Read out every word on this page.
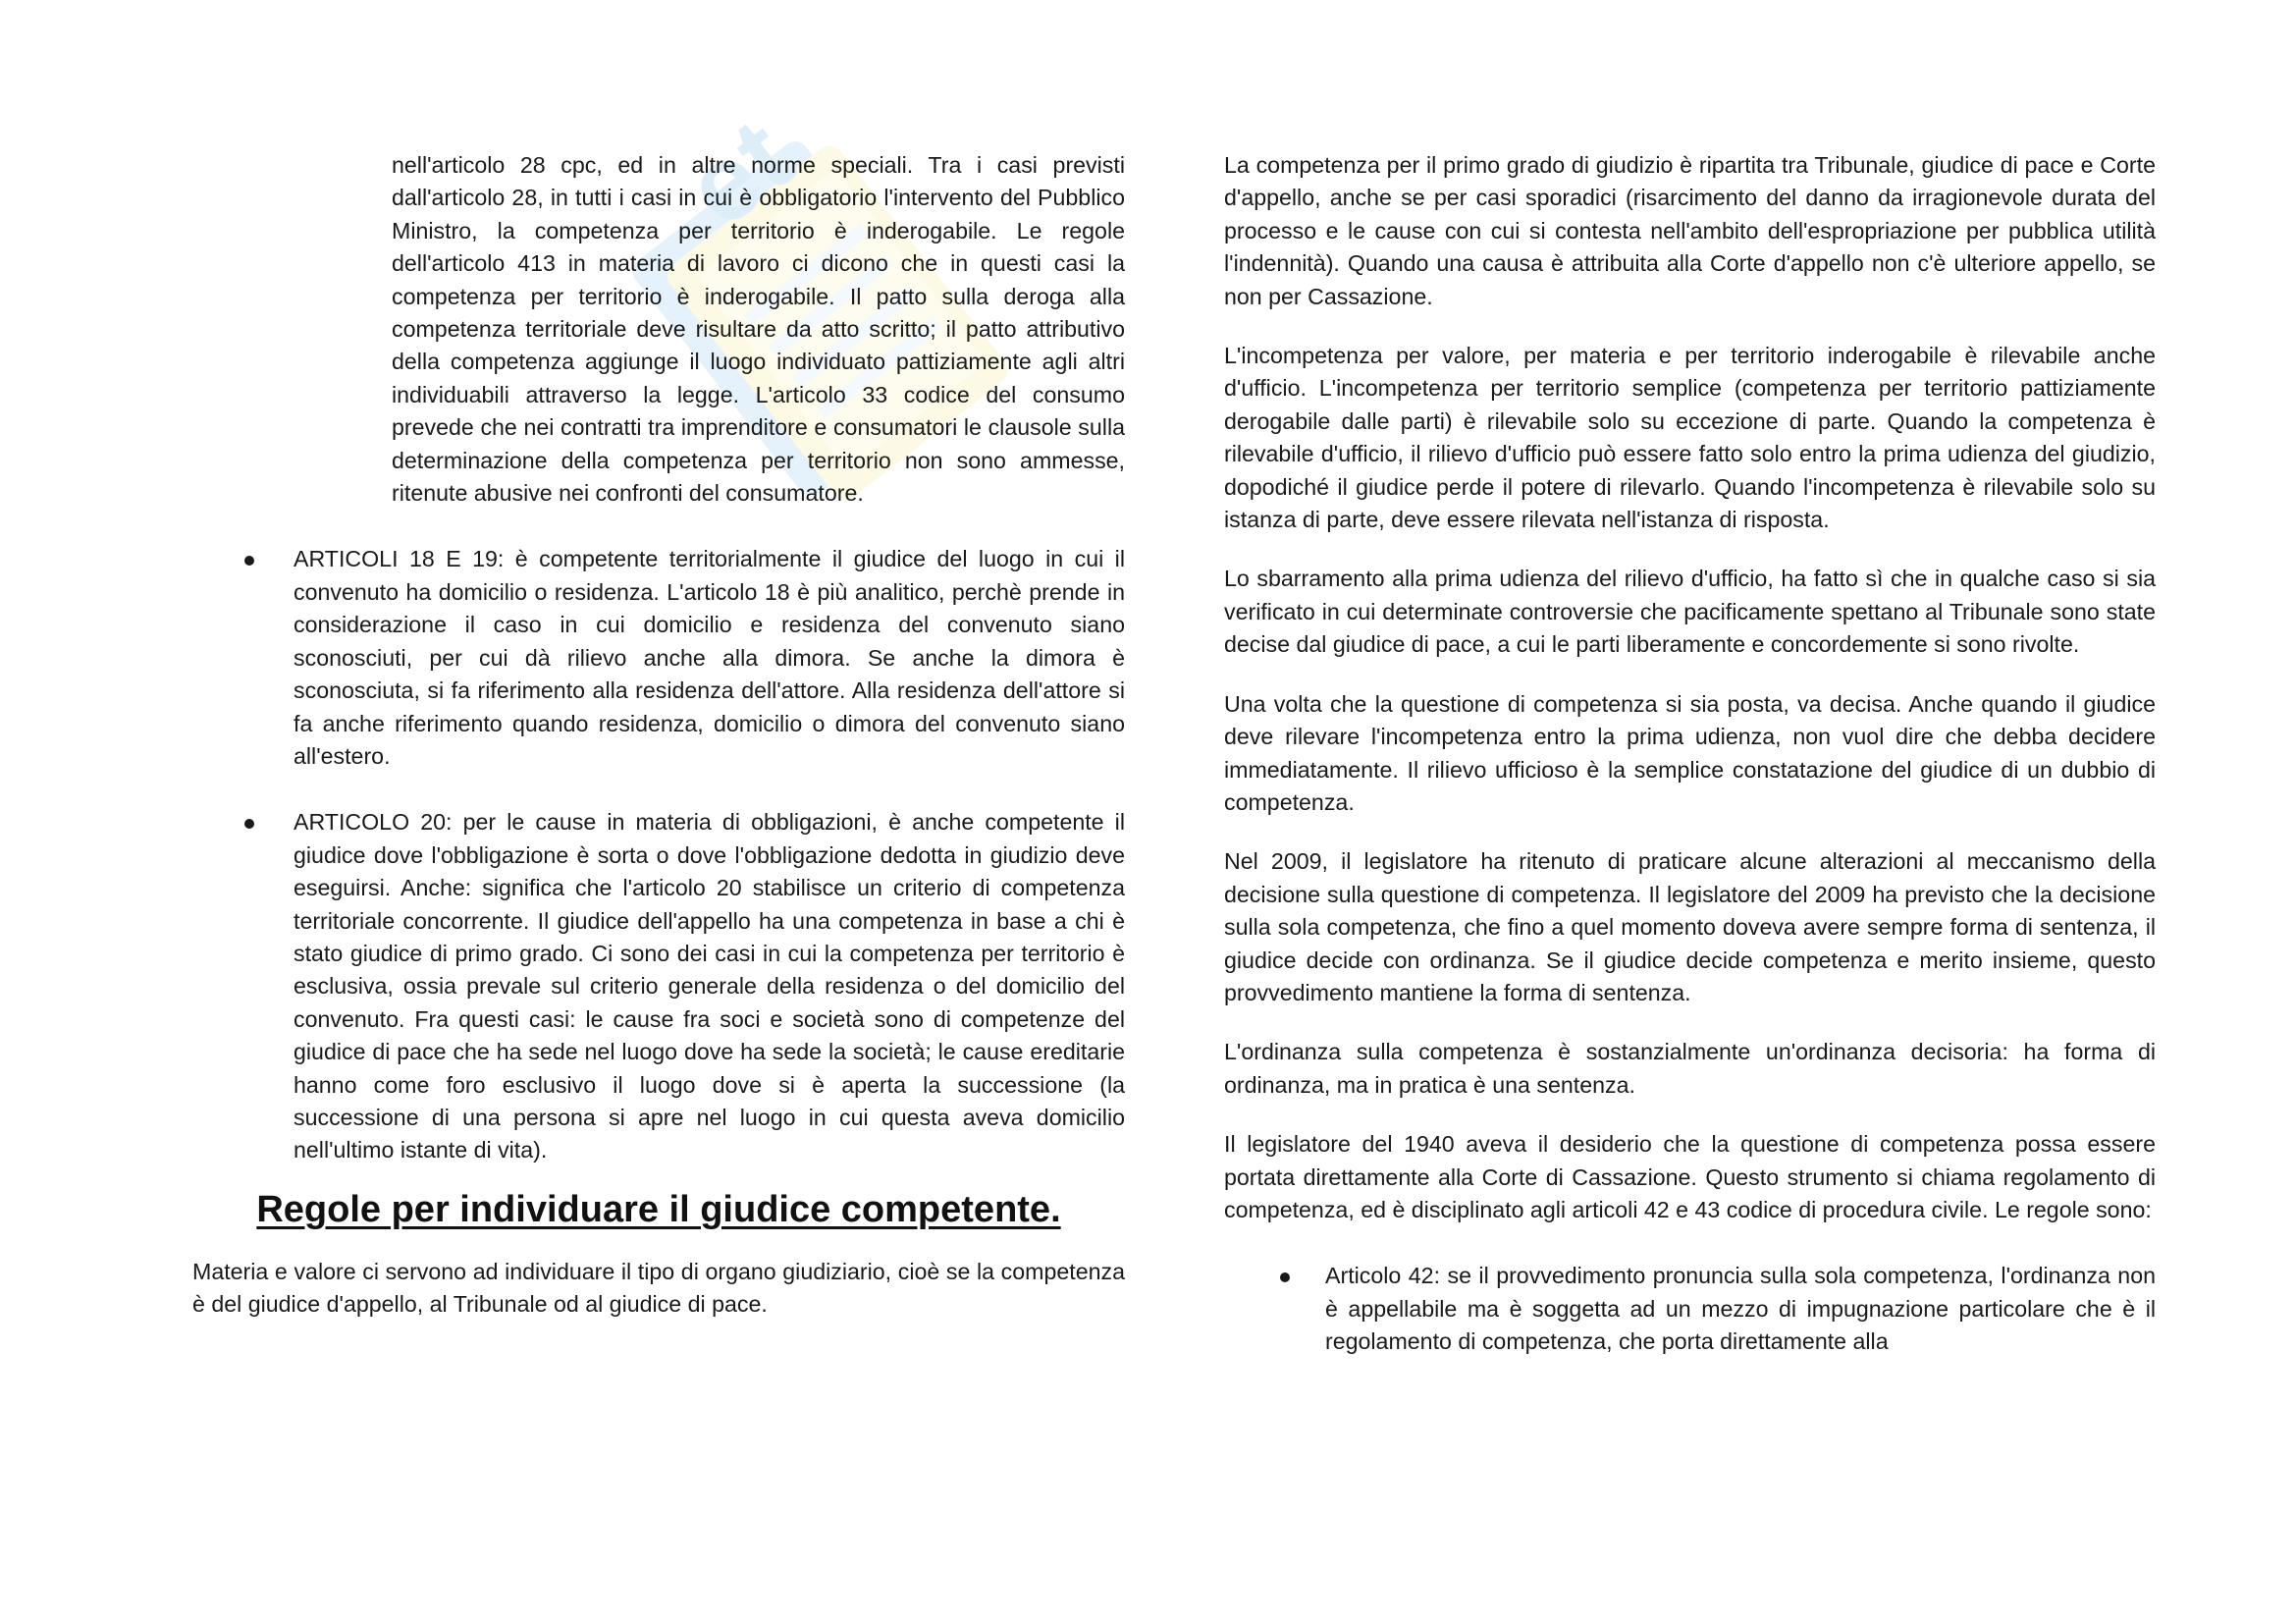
et

nell'articolo 28 cpc, ed in altre norme speciali. Tra i casi previsti dall'articolo 28, in tutti i casi in cui è obbligatorio l'intervento del Pubblico Ministro, la competenza per territorio è inderogabile. Le regole dell'articolo 413 in materia di lavoro ci dicono che in questi casi la competenza per territorio è inderogabile. Il patto sulla deroga alla competenza territoriale deve risultare da atto scritto; il patto attributivo della competenza aggiunge il luogo individuato pattiziamente agli altri individuabili attraverso la legge. L'articolo 33 codice del consumo prevede che nei contratti tra imprenditore e consumatori le clausole sulla determinazione della competenza per territorio non sono ammesse, ritenute abusive nei confronti del consumatore.

ARTICOLI 18 E 19: è competente territorialmente il giudice del luogo in cui il convenuto ha domicilio o residenza. L'articolo 18 è più analitico, perchè prende in considerazione il caso in cui domicilio e residenza del convenuto siano sconosciuti, per cui dà rilievo anche alla dimora. Se anche la dimora è sconosciuta, si fa riferimento alla residenza dell'attore. Alla residenza dell'attore si fa anche riferimento quando residenza, domicilio o dimora del convenuto siano all'estero.

ARTICOLO 20: per le cause in materia di obbligazioni, è anche competente il giudice dove l'obbligazione è sorta o dove l'obbligazione dedotta in giudizio deve eseguirsi. Anche: significa che l'articolo 20 stabilisce un criterio di competenza territoriale concorrente. Il giudice dell'appello ha una competenza in base a chi è stato giudice di primo grado. Ci sono dei casi in cui la competenza per territorio è esclusiva, ossia prevale sul criterio generale della residenza o del domicilio del convenuto. Fra questi casi: le cause fra soci e società sono di competenze del giudice di pace che ha sede nel luogo dove ha sede la società; le cause ereditarie hanno come foro esclusivo il luogo dove si è aperta la successione (la successione di una persona si apre nel luogo in cui questa aveva domicilio nell'ultimo istante di vita).

Regole per individuare il giudice competente.

Materia e valore ci servono ad individuare il tipo di organo giudiziario, cioè se la competenza è del giudice d'appello, al Tribunale od al giudice di pace.

La competenza per il primo grado di giudizio è ripartita tra Tribunale, giudice di pace e Corte d'appello, anche se per casi sporadici (risarcimento del danno da irragionevole durata del processo e le cause con cui si contesta nell'ambito dell'espropriazione per pubblica utilità l'indennità). Quando una causa è attribuita alla Corte d'appello non c'è ulteriore appello, se non per Cassazione.

L'incompetenza per valore, per materia e per territorio inderogabile è rilevabile anche d'ufficio. L'incompetenza per territorio semplice (competenza per territorio pattiziamente derogabile dalle parti) è rilevabile solo su eccezione di parte. Quando la competenza è rilevabile d'ufficio, il rilievo d'ufficio può essere fatto solo entro la prima udienza del giudizio, dopodiché il giudice perde il potere di rilevarlo. Quando l'incompetenza è rilevabile solo su istanza di parte, deve essere rilevata nell'istanza di risposta.

Lo sbarramento alla prima udienza del rilievo d'ufficio, ha fatto sì che in qualche caso si sia verificato in cui determinate controversie che pacificamente spettano al Tribunale sono state decise dal giudice di pace, a cui le parti liberamente e concordemente si sono rivolte.

Una volta che la questione di competenza si sia posta, va decisa. Anche quando il giudice deve rilevare l'incompetenza entro la prima udienza, non vuol dire che debba decidere immediatamente. Il rilievo ufficioso è la semplice constatazione del giudice di un dubbio di competenza.

Nel 2009, il legislatore ha ritenuto di praticare alcune alterazioni al meccanismo della decisione sulla questione di competenza. Il legislatore del 2009 ha previsto che la decisione sulla sola competenza, che fino a quel momento doveva avere sempre forma di sentenza, il giudice decide con ordinanza. Se il giudice decide competenza e merito insieme, questo provvedimento mantiene la forma di sentenza.

L'ordinanza sulla competenza è sostanzialmente un'ordinanza decisoria: ha forma di ordinanza, ma in pratica è una sentenza.

Il legislatore del 1940 aveva il desiderio che la questione di competenza possa essere portata direttamente alla Corte di Cassazione. Questo strumento si chiama regolamento di competenza, ed è disciplinato agli articoli 42 e 43 codice di procedura civile. Le regole sono:

Articolo 42: se il provvedimento pronuncia sulla sola competenza, l'ordinanza non è appellabile ma è soggetta ad un mezzo di impugnazione particolare che è il regolamento di competenza, che porta direttamente alla
